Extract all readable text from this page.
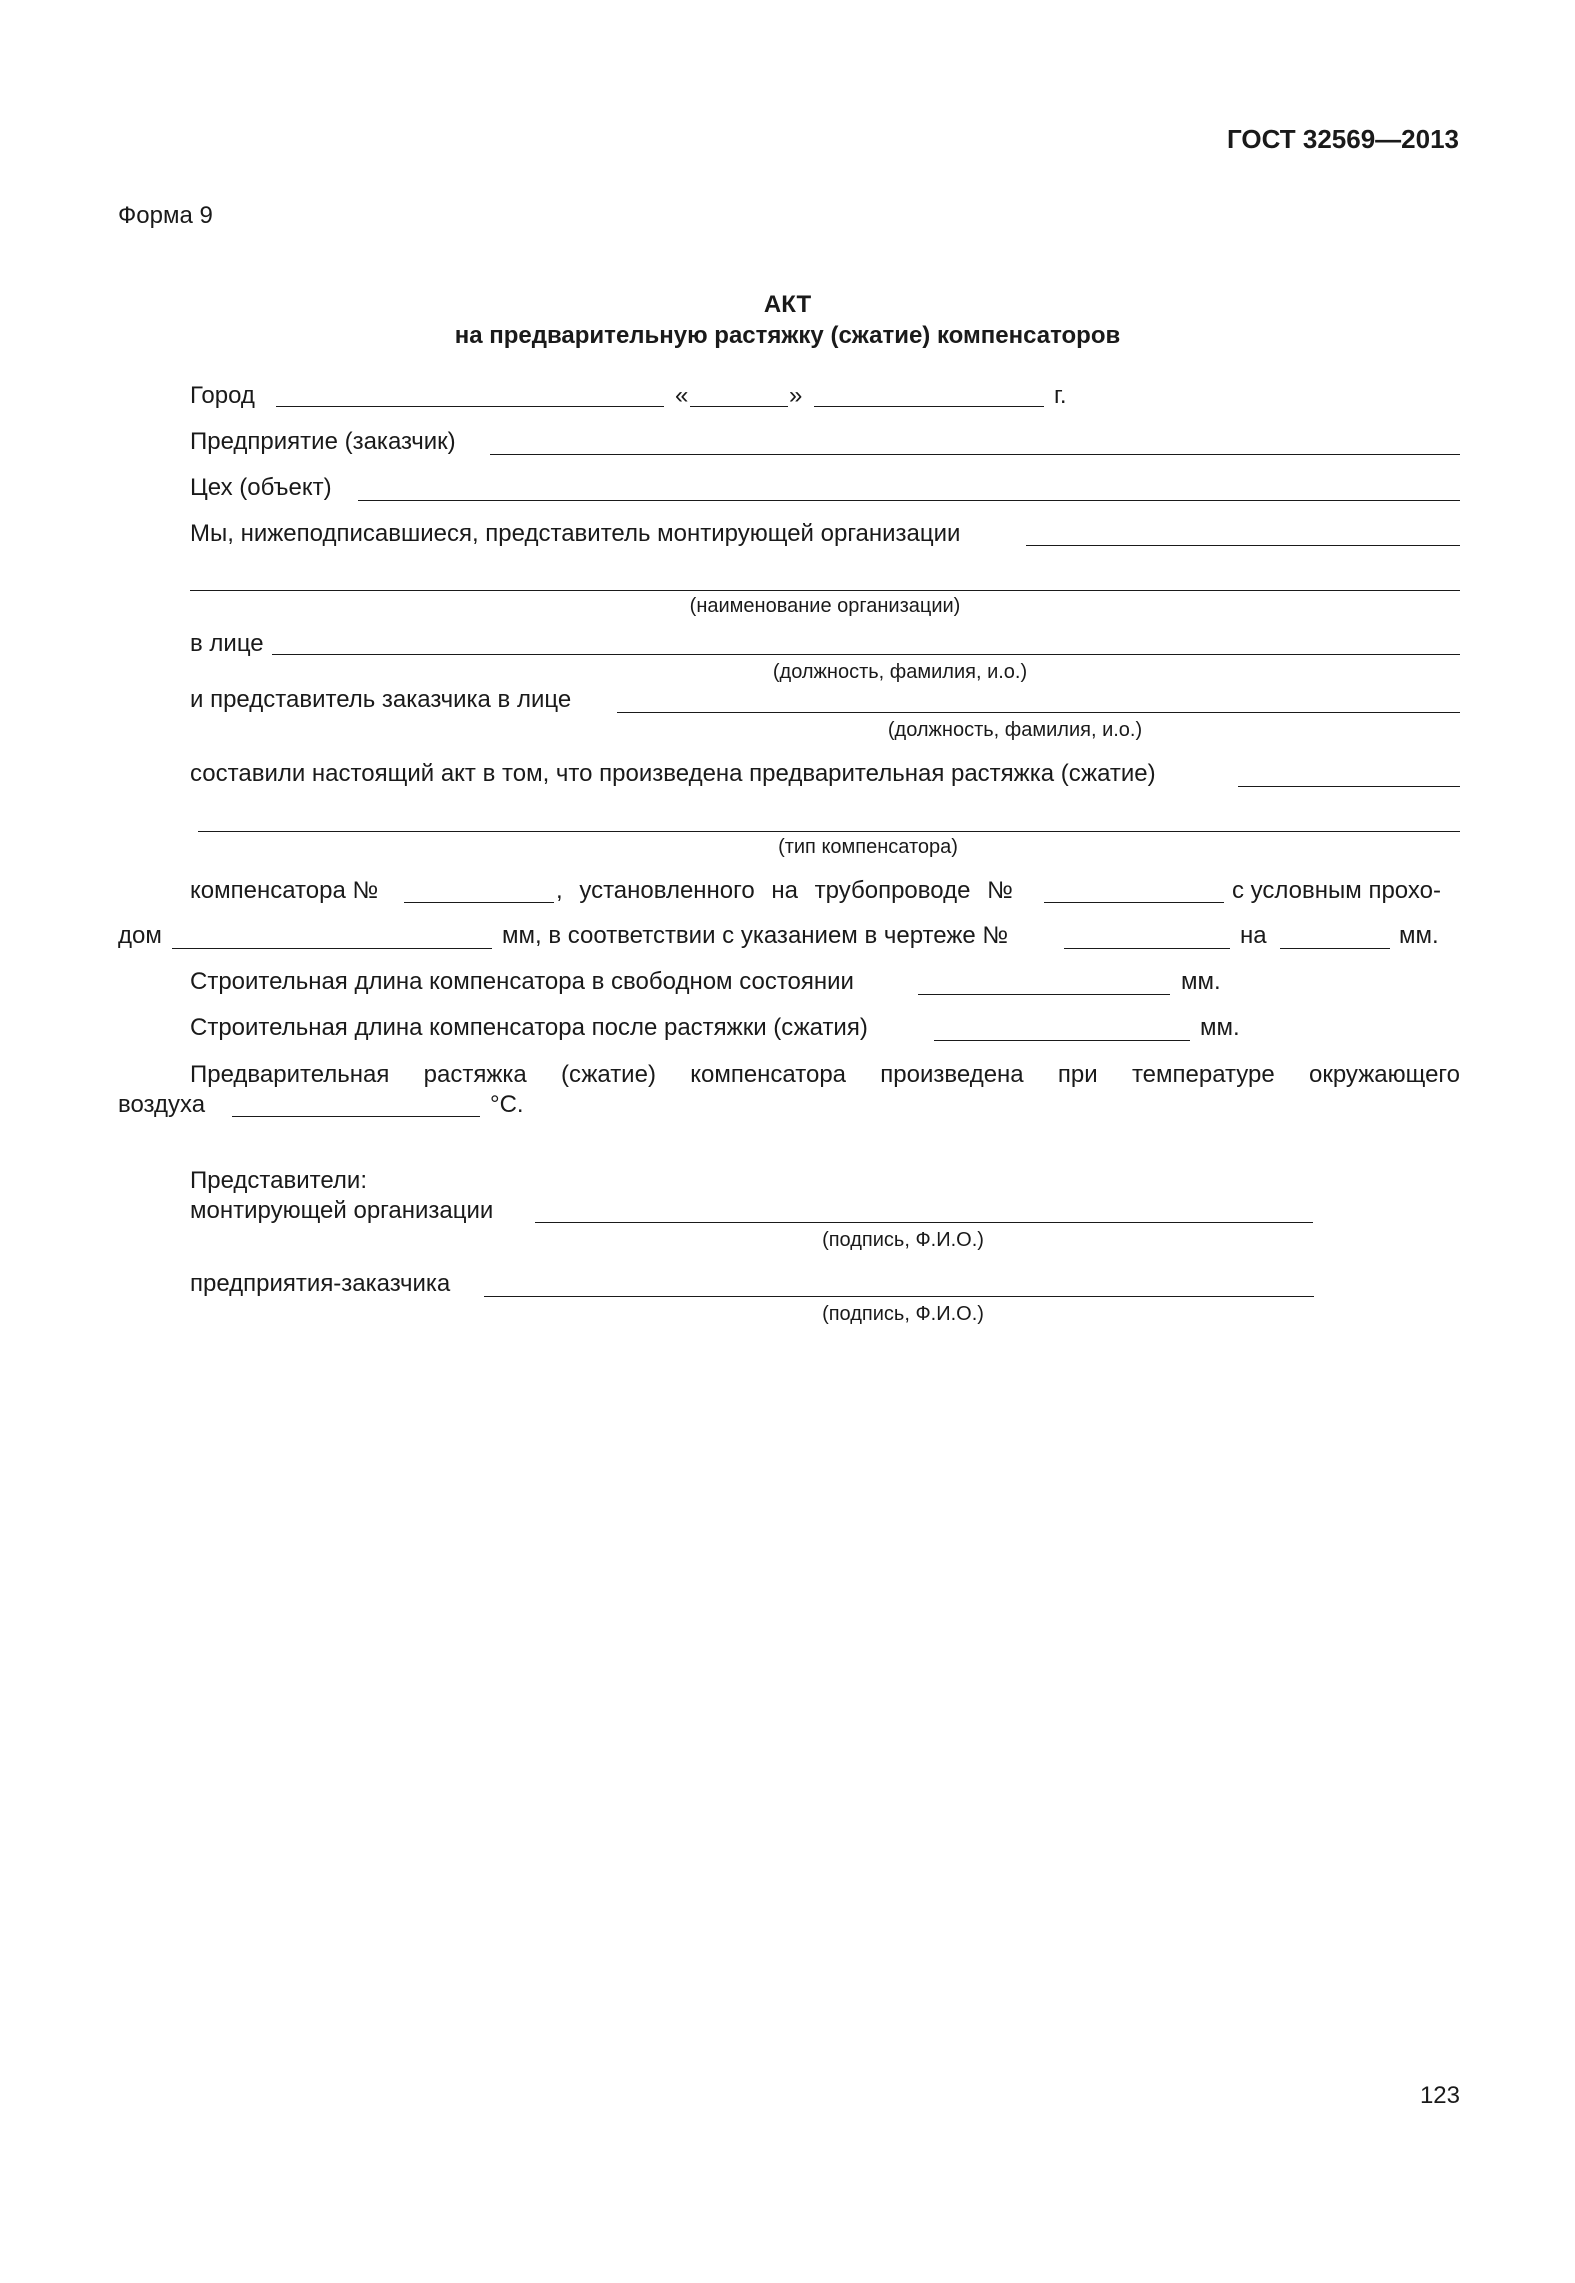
ГОСТ 32569—2013
Форма 9
АКТ
на предварительную растяжку (сжатие) компенсаторов
Город	«	»	г.
Предприятие (заказчик)
Цех (объект)
Мы, нижеподписавшиеся, представитель монтирующей организации
(наименование организации)
в лице
(должность, фамилия, и.о.)
и представитель заказчика в лице
(должность, фамилия, и.о.)
составили настоящий акт в том, что произведена предварительная растяжка (сжатие)
(тип компенсатора)
компенсатора №	, установленного на трубопроводе №	с условным прохо-
дом	мм, в соответствии с указанием в чертеже №	на	мм.
Строительная длина компенсатора в свободном состоянии	мм.
Строительная длина компенсатора после растяжки (сжатия)	мм.
Предварительная растяжка (сжатие) компенсатора произведена при температуре окружающего
воздуха	°С.
Представители:
монтирующей организации
(подпись, Ф.И.О.)
предприятия-заказчика
(подпись, Ф.И.О.)
123
